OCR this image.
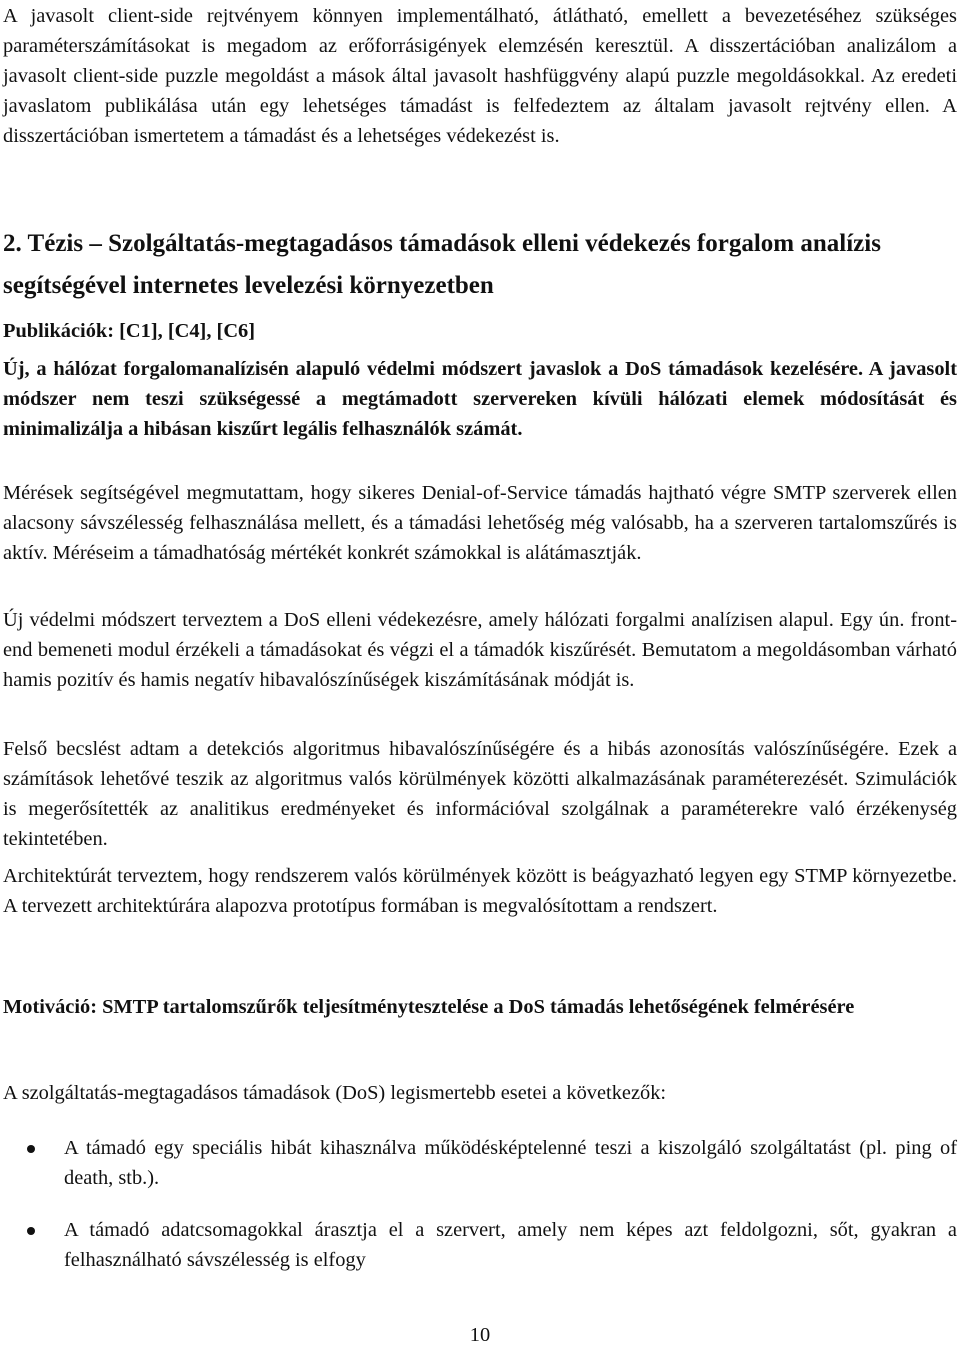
A javasolt client-side rejtvényem könnyen implementálható, átlátható, emellett a bevezetéséhez szükséges paraméterszámításokat is megadom az erőforrásigények elemzésén keresztül. A disszertációban analizálom a javasolt client-side puzzle megoldást a mások által javasolt hashfüggvény alapú puzzle megoldásokkal. Az eredeti javaslatom publikálása után egy lehetséges támadást is felfedeztem az általam javasolt rejtvény ellen. A disszertációban ismertetem a támadást és a lehetséges védekezést is.

2. Tézis – Szolgáltatás-megtagadásos támadások elleni védekezés forgalom analízis segítségével internetes levelezési környezetben

Publikációk: [C1], [C4], [C6]

Új, a hálózat forgalomanalízisén alapuló védelmi módszert javaslok a DoS támadások kezelésére. A javasolt módszer nem teszi szükségessé a megtámadott szervereken kívüli hálózati elemek módosítását és minimalizálja a hibásan kiszűrt legális felhasználók számát.

Mérések segítségével megmutattam, hogy sikeres Denial-of-Service támadás hajtható végre SMTP szerverek ellen alacsony sávszélesség felhasználása mellett, és a támadási lehetőség még valósabb, ha a szerveren tartalomszűrés is aktív. Méréseim a támadhatóság mértékét konkrét számokkal is alátámasztják.

Új védelmi módszert terveztem a DoS elleni védekezésre, amely hálózati forgalmi analízisen alapul. Egy ún. front-end bemeneti modul érzékeli a támadásokat és végzi el a támadók kiszűrését. Bemutatom a megoldásomban várható hamis pozitív és hamis negatív hibavalószínűségek kiszámításának módját is.

Felső becslést adtam a detekciós algoritmus hibavalószínűségére és a hibás azonosítás valószínűségére. Ezek a számítások lehetővé teszik az algoritmus valós körülmények közötti alkalmazásának paraméterezését. Szimulációk is megerősítették az analitikus eredményeket és információval szolgálnak a paraméterekre való érzékenység tekintetében.

Architektúrát terveztem, hogy rendszerem valós körülmények között is beágyazható legyen egy STMP környezetbe. A tervezett architektúrára alapozva prototípus formában is megvalósítottam a rendszert.

Motiváció: SMTP tartalomszűrők teljesítménytesztelése a DoS támadás lehetőségének felmérésére

A szolgáltatás-megtagadásos támadások (DoS) legismertebb esetei a következők:

A támadó egy speciális hibát kihasználva működésképtelenné teszi a kiszolgáló szolgáltatást (pl. ping of death, stb.).
A támadó adatcsomagokkal árasztja el a szervert, amely nem képes azt feldolgozni, sőt, gyakran a felhasználható sávszélesség is elfogy
10
